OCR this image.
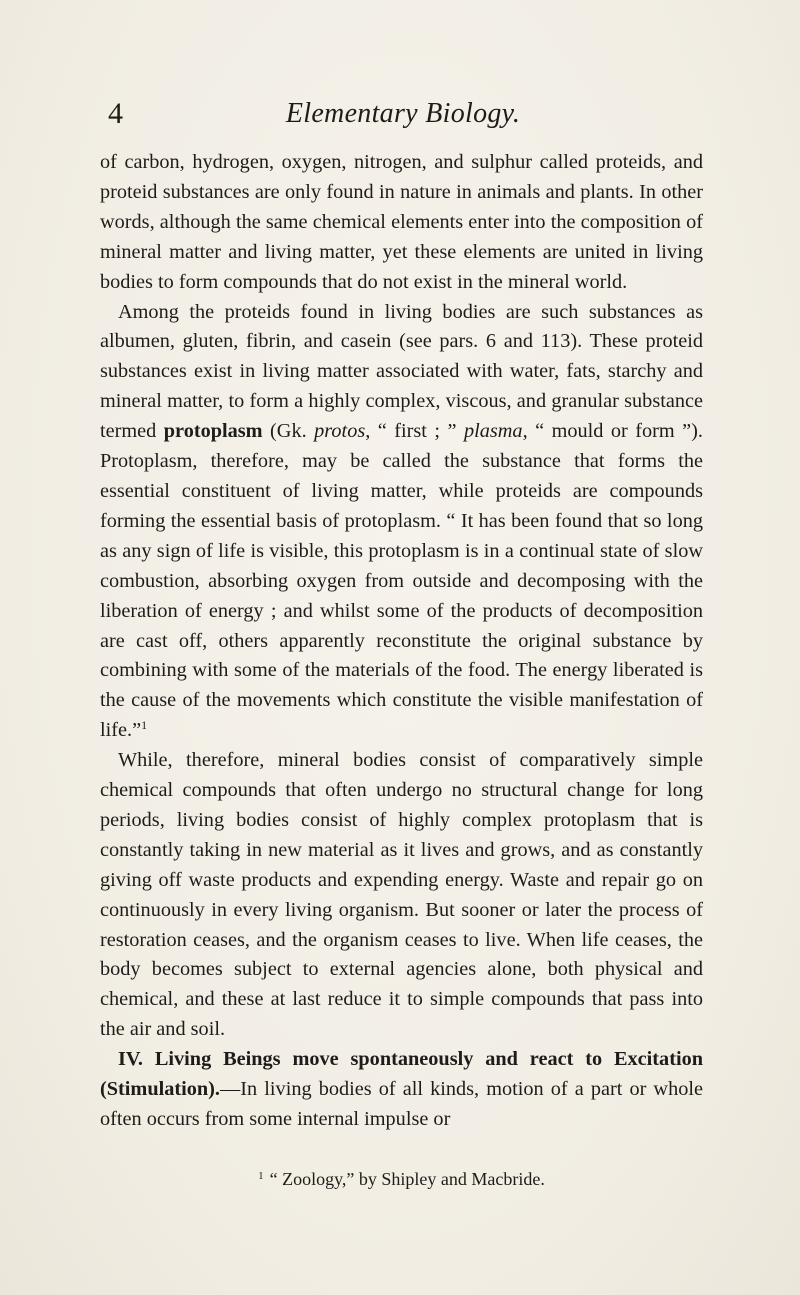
4	Elementary Biology.

of carbon, hydrogen, oxygen, nitrogen, and sulphur called proteids, and proteid substances are only found in nature in animals and plants. In other words, although the same chemical elements enter into the composition of mineral matter and living matter, yet these elements are united in living bodies to form compounds that do not exist in the mineral world.

Among the proteids found in living bodies are such substances as albumen, gluten, fibrin, and casein (see pars. 6 and 113). These proteid substances exist in living matter associated with water, fats, starchy and mineral matter, to form a highly complex, viscous, and granular substance termed protoplasm (Gk. protos, “ first ; ” plasma, “ mould or form ”). Protoplasm, therefore, may be called the substance that forms the essential constituent of living matter, while proteids are compounds forming the essential basis of protoplasm. “ It has been found that so long as any sign of life is visible, this protoplasm is in a continual state of slow combustion, absorbing oxygen from outside and decomposing with the liberation of energy ; and whilst some of the products of decomposition are cast off, others apparently reconstitute the original substance by combining with some of the materials of the food. The energy liberated is the cause of the movements which constitute the visible manifestation of life.”$^1$

While, therefore, mineral bodies consist of comparatively simple chemical compounds that often undergo no structural change for long periods, living bodies consist of highly complex protoplasm that is constantly taking in new material as it lives and grows, and as constantly giving off waste products and expending energy. Waste and repair go on continuously in every living organism. But sooner or later the process of restoration ceases, and the organism ceases to live. When life ceases, the body becomes subject to external agencies alone, both physical and chemical, and these at last reduce it to simple compounds that pass into the air and soil.

IV. Living Beings move spontaneously and react to Excitation (Stimulation).—In living bodies of all kinds, motion of a part or whole often occurs from some internal impulse or

$^1$ “ Zoology,” by Shipley and Macbride.
